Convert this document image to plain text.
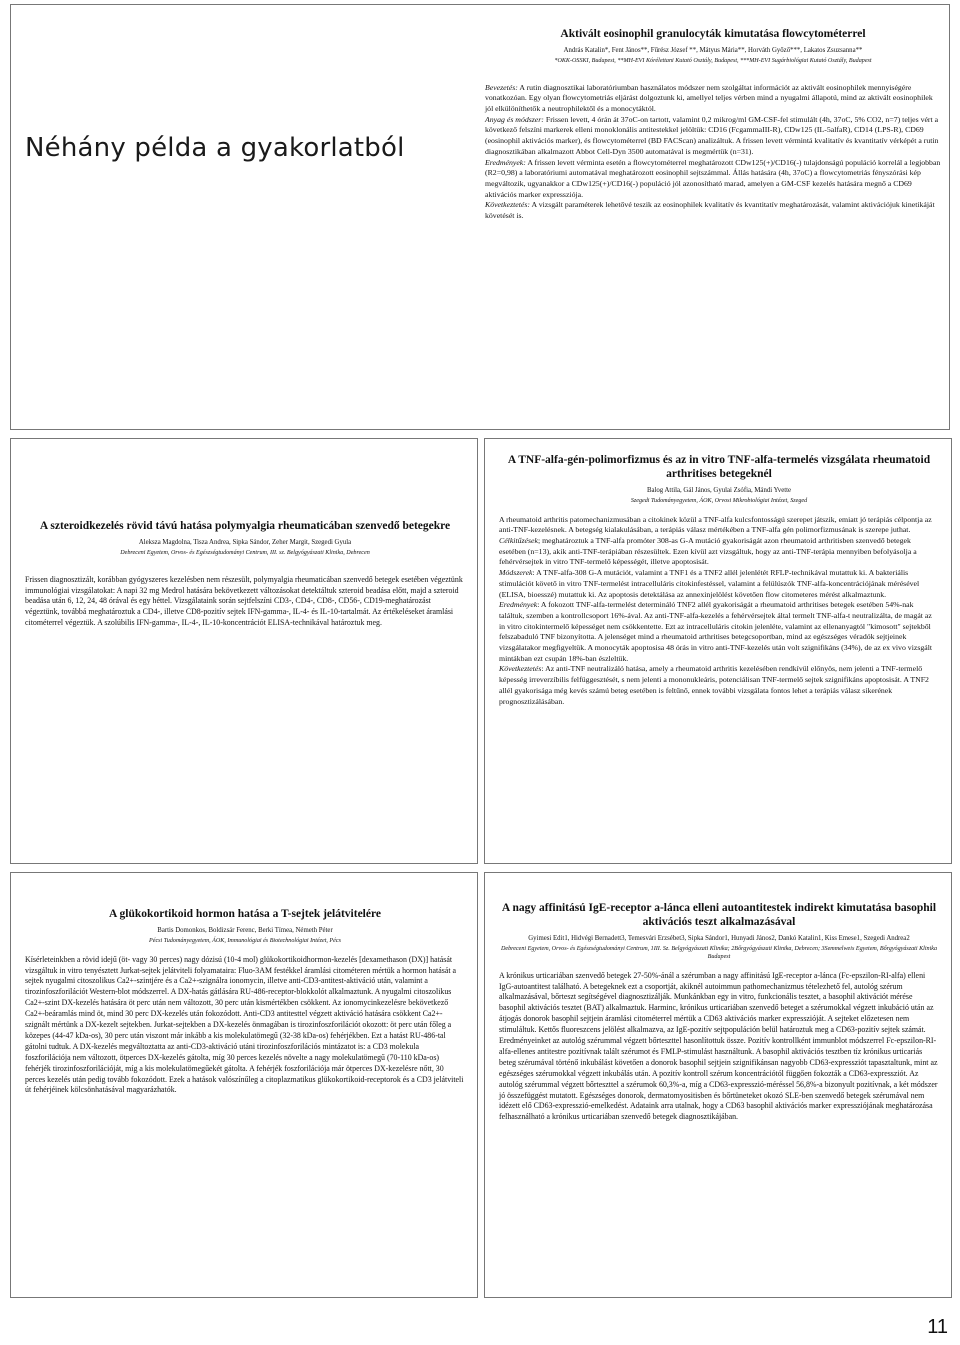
Néhány példa a gyakorlatból
Aktivált eosinophil granulocyták kimutatása flowcytométerrel
András Katalin*, Fent János**, Fűrész József **, Mátyus Mária**, Horváth Győző***, Lakatos Zsuzsanna**
*OKK-OSSKI, Budapest, **MH-EVI Kórélettani Kutató Osztály, Budapest, ***MH-EVI Sugárbiológiai Kutató Osztály, Budapest

Bevezetés: A rutin diagnosztikai laboratóriumban használatos módszer nem szolgáltat információt az aktivált eosinophilek mennyiségére vonatkozóan. Egy olyan flowcytometriás eljárást dolgoztunk ki, amellyel teljes vérben mind a nyugalmi állapotú, mind az aktivált eosinophilek jól elkülöníthetők a neutrophilektől és a monocytáktól.

Anyag és módszer: Frissen levett, 4 órán át 37oC-on tartott, valamint 0,2 mikrog/ml GM-CSF-fel stimulált (4h, 37oC, 5% CO2, n=7) teljes vért a következő felszíni markerek elleni monoklonális antitestekkel jelöltük: CD16 (FcgammaIII-R), CDw125 (IL-5alfaR), CD14 (LPS-R), CD69 (eosinophil aktivációs marker), és flowcytométerrel (BD FACScan) analizáltuk. A frissen levett vérmintá kvalitatív és kvantitatív vérképét a rutin diagnosztikában alkalmazott Abbot Cell-Dyn 3500 automatával is megmértük (n=31).

Eredmények: A frissen levett vérminta esetén a flowcytométerrel meghatározott CDw125(+)/CD16(-) tulajdonságú populáció korrelál a legjobban (R2=0,98) a laboratóriumi automatával meghatározott eosinophil sejtszámmal. Állás hatására (4h, 37oC) a flowcytometriás fényszórási kép megváltozik, ugyanakkor a CDw125(+)/CD16(-) populáció jól azonosítható marad, amelyen a GM-CSF kezelés hatására megnő a CD69 aktivációs marker expressziója.

Következtetés: A vizsgált paraméterek lehetővé teszik az eosinophilek kvalitatív és kvantitatív meghatározását, valamint aktivációjuk kinetikáját követését is.

A szteroidkezelés rövid távú hatása polymyalgia rheumaticában szenvedő betegekre
Aleksza Magdolna, Tisza Andrea, Sipka Sándor, Zeher Margit, Szegedi Gyula
Debreceni Egyetem, Orvos- és Egészségtudományi Centrum, III. sz. Belgyógyászati Klinika, Debrecen
Frissen diagnosztizált, korábban gyógyszeres kezelésben nem részesült, polymyalgia rheumaticában szenvedő betegek esetében végeztünk immunológiai vizsgálatokat: A napi 32 mg Medrol hatására bekövetkezett változásokat detektáltuk szteroid beadása előtt, majd a szteroid beadása után 6, 12, 24, 48 órával és egy héttel. Vizsgálataink során sejtfelszíni CD3-, CD4-, CD8-, CD56-, CD19-meghatározást végeztünk, továbbá meghatároztuk a CD4-, illetve CD8-pozitív sejtek IFN-gamma-, IL-4- és IL-10-tartalmát. Az értékeléseket áramlási citométerrel végeztük. A szolúbilis IFN-gamma-, IL-4-, IL-10-koncentrációt ELISA-technikával határoztuk meg.
A TNF-alfa-gén-polimorfizmus és az in vitro TNF-alfa-termelés vizsgálata rheumatoid arthritises betegeknél
Balog Attila, Gál János, Gyulai Zsófia, Mándi Yvette
Szegedi Tudományegyetem, ÁOK, Orvosi Mikrobiológiai Intézet, Szeged

A rheumatoid arthritis patomechanizmusában a citokinek közül a TNF-alfa kulcsfontosságú szerepet játszik, emiatt jó terápiás célpontja az anti-TNF-kezelésnek. A betegség kialakulásában, a terápiás válasz mértékében a TNF-alfa gén polimorfizmusának is szerepe juthat.

Célkitűzések; meghatároztuk a TNF-alfa promóter 308-as G-A mutáció gyakoriságát azon rheumatoid arthritisben szenvedő betegek esetében (n=13), akik anti-TNF-terápiában részesültek. Ezen kívül azt vizsgáltuk, hogy az anti-TNF-terápia mennyiben befolyásolja a fehérvérsejtek in vitro TNF-termelő képességét, illetve apoptosisát.

Módszerek: A TNF-alfa-308 G-A mutációt, valamint a TNF1 és a TNF2 allél jelenlétét RFLP-technikával mutattuk ki. A bakteriális stimulációt követő in vitro TNF-termelést intracelluláris citokinfestéssel, valamint a felülúszók TNF-alfa-koncentrációjának mérésével (ELISA, bioesszé) mutattuk ki. Az apoptosis detektálása az annexinjelölést követően flow citometeres mérést alkalmaztunk.

Eredmények: A fokozott TNF-alfa-termelést determináló TNF2 allél gyakoriságát a rheumatoid arthritises betegek esetében 54%-nak találtuk, szemben a kontrollcsoport 16%-ával. Az anti-TNF-alfa-kezelés a fehérvérsejtek által termelt TNF-alfa-t neutralizálta, de magát az in vitro citokintermelő képességet nem csökkentette. Ezt az intracelluláris citokin jelenléte, valamint az ellenanyagtól "kimosott" sejtekből felszabaduló TNF bizonyította. A jelenséget mind a rheumatoid arthritises betegcsoportban, mind az egészséges véradók sejtjeinek vizsgálatakor megfigyeltük. A monocyták apoptosisa 48 órás in vitro anti-TNF-kezelés után volt szignifikáns (34%), de az ex vivo vizsgált mintákban ezt csupán 18%-ban észleltük.

Következtetés: Az anti-TNF neutralizáló hatása, amely a rheumatoid arthritis kezelésében rendkívül előnyös, nem jelenti a TNF-termelő képesség irreverzíbilis felfüggesztését, s nem jelenti a mononukleáris, potenciálisan TNF-termelő sejtek szignifikáns apoptosisát. A TNF2 allél gyakorisága még kevés számú beteg esetében is feltűnő, ennek további vizsgálata fontos lehet a terápiás válasz sikerének prognosztizálásában.

A glükokortikoid hormon hatása a T-sejtek jelátvitelére
Bartis Domonkos, Boldizsár Ferenc, Berki Tímea, Németh Péter
Pécsi Tudományegyetem, ÁOK, Immunológiai és Biotechnológiai Intézet, Pécs
Kísérleteinkben a rövid idejű (öt- vagy 30 perces) nagy dózisú (10-4 mol) glükokortikoidhormon-kezelés [dexamethason (DX)] hatását vizsgáltuk in vitro tenyésztett Jurkat-sejtek jelátviteli folyamataira: Fluo-3AM festékkel áramlási citométeren mértük a hormon hatását a sejtek nyugalmi citoszolikus Ca2+-szintjére és a Ca2+-szignálra ionomycin, illetve anti-CD3-antitest-aktiváció után, valamint a tirozinfoszforilációt Western-blot módszerrel. A DX-hatás gátlására RU-486-receptor-blokkolót alkalmaztunk. A nyugalmi citoszolikus Ca2+-szint DX-kezelés hatására öt perc után nem változott, 30 perc után kismértékben csökkent. Az ionomycinkezelésre bekövetkező Ca2+-beáramlás mind öt, mind 30 perc DX-kezelés után fokozódott. Anti-CD3 antitesttel végzett aktiváció hatására csökkent Ca2+-szignált mértünk a DX-kezelt sejtekben. Jurkat-sejtekben a DX-kezelés önmagában is tirozinfoszforilációt okozott: öt perc után főleg a közepes (44-47 kDa-os), 30 perc után viszont már inkább a kis molekulatömegű (32-38 kDa-os) fehérjékben. Ezt a hatást RU-486-tal gátolni tudtuk. A DX-kezelés megváltoztatta az anti-CD3-aktiváció utáni tirozinfoszforilációs mintázatot is: a CD3 molekula foszforilációja nem változott, ötperces DX-kezelés gátolta, míg 30 perces kezelés növelte a nagy molekulatömegű (70-110 kDa-os) fehérjék tirozinfoszforilációját, míg a kis molekulatömegűekét gátolta. A fehérjék foszforilációja már ötperces DX-kezelésre nőtt, 30 perces kezelés után pedig tovább fokozódott. Ezek a hatások valószínűleg a citoplazmatikus glükokortikoid-receptorok és a CD3 jelátviteli út fehérjéinek kölcsönhatásával magyarázhatók.
A nagy affinitású IgE-receptor a-lánca elleni autoantitestek indirekt kimutatása basophil aktivációs teszt alkalmazásával
Gyimesi Edit1, Hidvégi Bernadett3, Temesvári Erzsébet3, Sipka Sándor1, Hunyadi János2, Dankó Katalin1, Kiss Emese1, Szegedi Andrea2
Debreceni Egyetem, Orvos- és Egészségtudományi Centrum, 1III. Sz. Belgyógyászati Klinika; 2Bőrgyógyászati Klinika, Debrecen; 3Semmelweis Egyetem, Bőrgyógyászati Klinika Budapest
A krónikus urticariában szenvedő betegek 27-50%-ánál a szérumban a nagy affinitású IgE-receptor a-lánca (Fc-epszilon-RI-alfa) elleni IgG-autoantitest található. A betegeknek ezt a csoportját, akiknél autoimmun pathomechanizmus tételezhető fel, autológ szérum alkalmazásával, bőrteszt segítségével diagnosztizálják. Munkánkban egy in vitro, funkcionális tesztet, a basophil aktivációt mérése basophil aktivációs tesztet (BAT) alkalmaztuk. Harminc, krónikus urticariában szenvedő beteget a szérumokkal végzett inkubáció után az átjogás donorok basophil sejtjein áramlási citométerrel mértük a CD63 aktivációs marker expresszióját. A sejteket előzetesen nem stimuláltuk. Kettős fluoreszcens jelölést alkalmazva, az IgE-pozitív sejtpopuláción belül határoztuk meg a CD63-pozitív sejtek számát. Eredményeinket az autológ szérummal végzett bőrteszttel hasonlítottuk össze. Pozitív kontrollként immunblot módszerrel Fc-epszilon-RI-alfa-ellenes antitestre pozitívnak talált szérumot és FMLP-stimulást használtunk. A basophil aktivációs tesztben tíz krónikus urticariás beteg szérumával történő inkubálást követően a donorok basophil sejtjein szignifikánsan nagyobb CD63-expressziót tapasztaltunk, mint az egészséges szérumokkal végzett inkubálás után. A pozitív kontroll szérum koncentrációtól függően fokozták a CD63-expressziót. Az autológ szérummal végzett bőrteszttel a szérumok 60,3%-a, míg a CD63-expresszió-méréssel 56,8%-a bizonyult pozitívnak, a két módszer jó összefüggést mutatott. Egészséges donorok, dermatomyositisben és bőrtüneteket okozó SLE-ben szenvedő betegek szérumával nem idézett elő CD63-expresszió-emelkedést. Adataink arra utalnak, hogy a CD63 basophil aktivációs marker expressziójának meghatározása felhasználható a krónikus urticariában szenvedő betegek diagnosztikájában.
11
